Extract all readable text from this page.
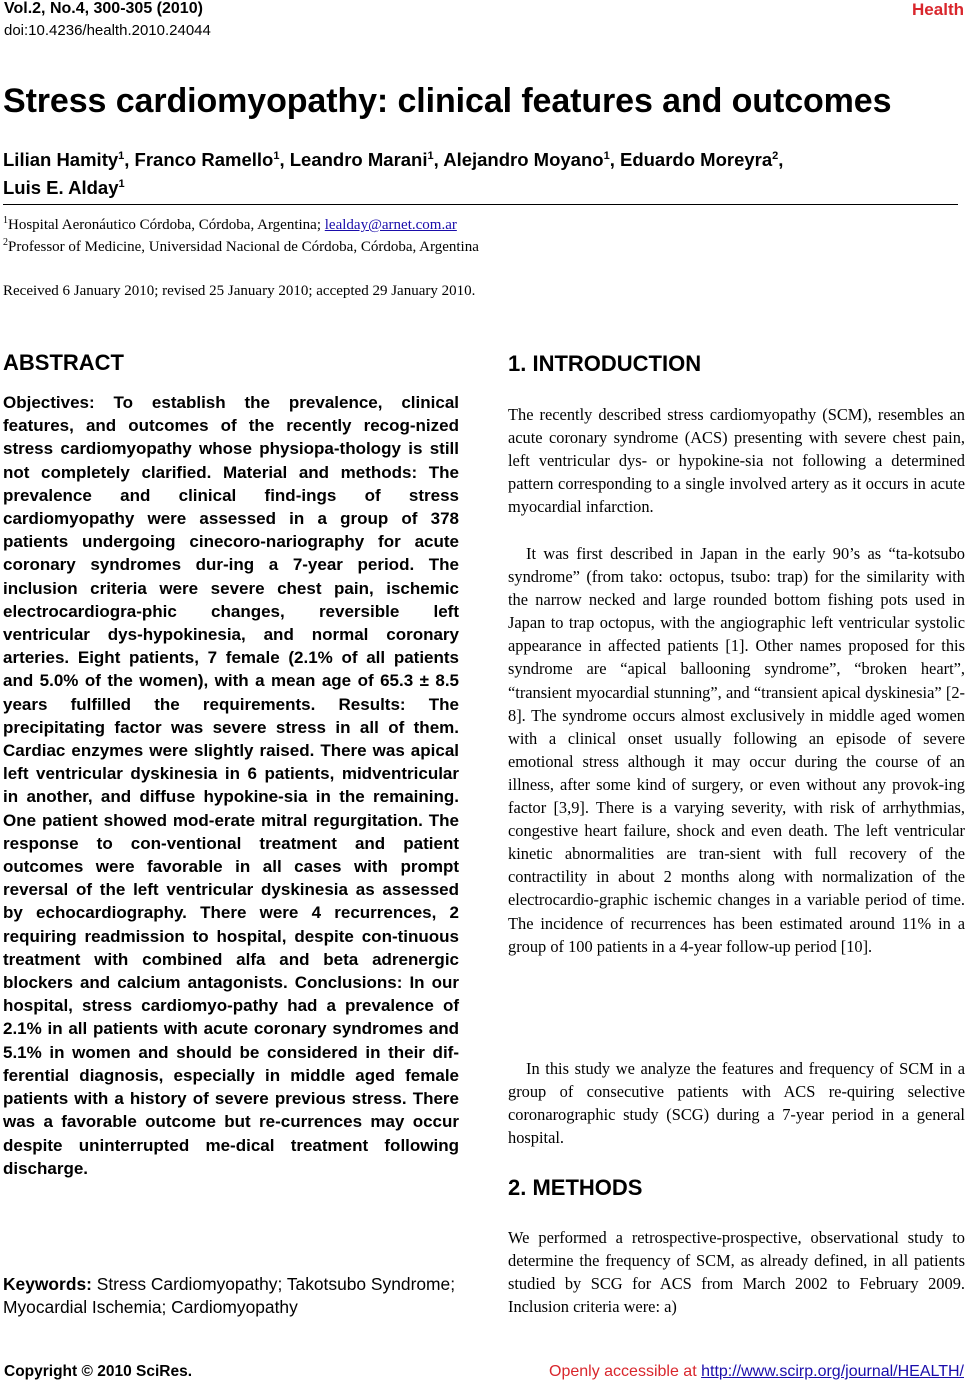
Vol.2, No.4, 300-305 (2010)
doi:10.4236/health.2010.24044
Health
Stress cardiomyopathy: clinical features and outcomes
Lilian Hamity$^1$, Franco Ramello$^1$, Leandro Marani$^1$, Alejandro Moyano$^1$, Eduardo Moreyra$^2$,
Luis E. Alday$^1$
$^1$Hospital Aeronáutico Córdoba, Córdoba, Argentina; lealday@arnet.com.ar
$^2$Professor of Medicine, Universidad Nacional de Córdoba, Córdoba, Argentina
Received 6 January 2010; revised 25 January 2010; accepted 29 January 2010.
ABSTRACT
Objectives: To establish the prevalence, clinical features, and outcomes of the recently recog-nized stress cardiomyopathy whose physiopa-thology is still not completely clarified. Material and methods: The prevalence and clinical find-ings of stress cardiomyopathy were assessed in a group of 378 patients undergoing cinecoro-nariography for acute coronary syndromes dur-ing a 7-year period. The inclusion criteria were severe chest pain, ischemic electrocardiogra-phic changes, reversible left ventricular dys-hypokinesia, and normal coronary arteries. Eight patients, 7 female (2.1% of all patients and 5.0% of the women), with a mean age of 65.3 ± 8.5 years fulfilled the requirements. Results: The precipitating factor was severe stress in all of them. Cardiac enzymes were slightly raised. There was apical left ventricular dyskinesia in 6 patients, midventricular in another, and diffuse hypokine-sia in the remaining. One patient showed mod-erate mitral regurgitation. The response to con-ventional treatment and patient outcomes were favorable in all cases with prompt reversal of the left ventricular dyskinesia as assessed by echocardiography. There were 4 recurrences, 2 requiring readmission to hospital, despite con-tinuous treatment with combined alfa and beta adrenergic blockers and calcium antagonists. Conclusions: In our hospital, stress cardiomyo-pathy had a prevalence of 2.1% in all patients with acute coronary syndromes and 5.1% in women and should be considered in their dif-ferential diagnosis, especially in middle aged female patients with a history of severe previous stress. There was a favorable outcome but re-currences may occur despite uninterrupted me-dical treatment following discharge.
Keywords: Stress Cardiomyopathy; Takotsubo Syndrome; Myocardial Ischemia; Cardiomyopathy
1. INTRODUCTION
The recently described stress cardiomyopathy (SCM), resembles an acute coronary syndrome (ACS) presenting with severe chest pain, left ventricular dys- or hypokine-sia not following a determined pattern corresponding to a single involved artery as it occurs in acute myocardial infarction.
It was first described in Japan in the early 90’s as “ta-kotsubo syndrome” (from tako: octopus, tsubo: trap) for the similarity with the narrow necked and large rounded bottom fishing pots used in Japan to trap octopus, with the angiographic left ventricular systolic appearance in affected patients [1]. Other names proposed for this syndrome are “apical ballooning syndrome”, “broken heart”, “transient myocardial stunning”, and “transient apical dyskinesia” [2-8]. The syndrome occurs almost exclusively in middle aged women with a clinical onset usually following an episode of severe emotional stress although it may occur during the course of an illness, after some kind of surgery, or even without any provok-ing factor [3,9]. There is a varying severity, with risk of arrhythmias, congestive heart failure, shock and even death. The left ventricular kinetic abnormalities are tran-sient with full recovery of the contractility in about 2 months along with normalization of the electrocardio-graphic ischemic changes in a variable period of time. The incidence of recurrences has been estimated around 11% in a group of 100 patients in a 4-year follow-up period [10].
In this study we analyze the features and frequency of SCM in a group of consecutive patients with ACS re-quiring selective coronarographic study (SCG) during a 7-year period in a general hospital.
2. METHODS
We performed a retrospective-prospective, observational study to determine the frequency of SCM, as already defined, in all patients studied by SCG for ACS from March 2002 to February 2009. Inclusion criteria were: a)
Copyright © 2010 SciRes.	Openly accessible at http://www.scirp.org/journal/HEALTH/
